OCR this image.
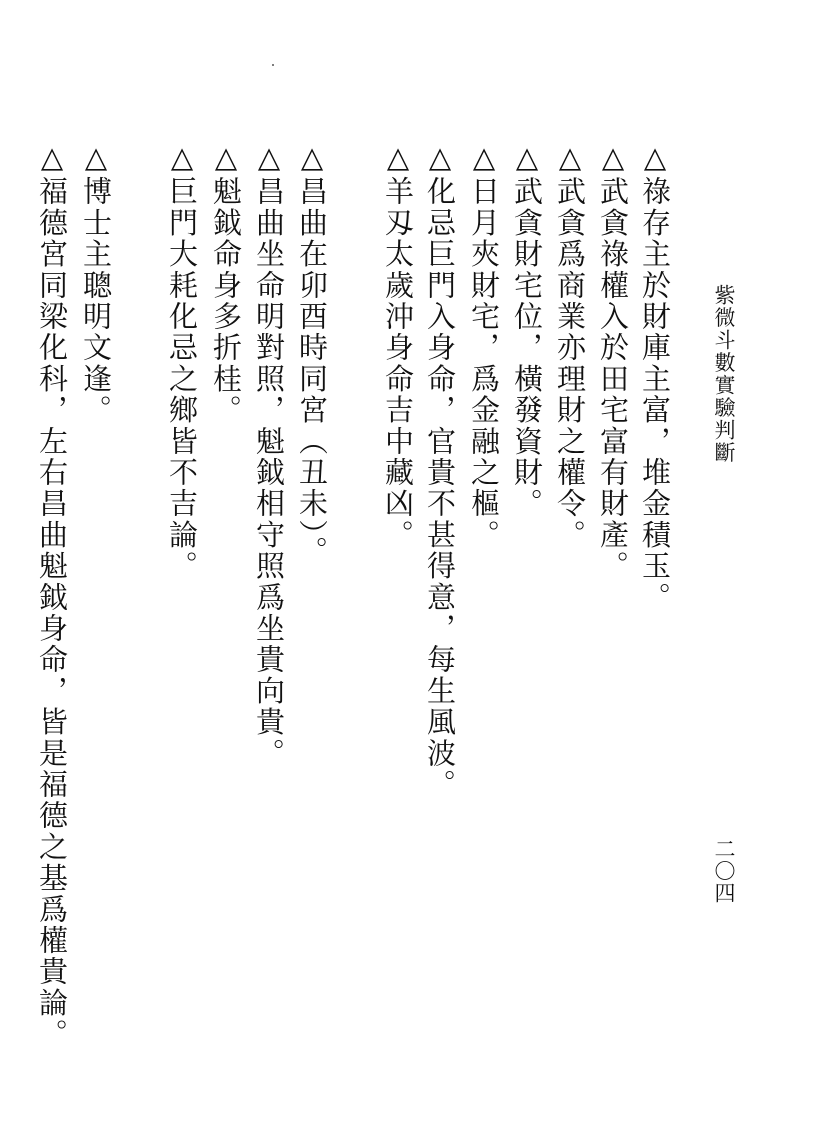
紫微斗數實驗判斷
二〇四

△祿存主於財庫主富，堆金積玉。

△武貪祿權入於田宅富有財產。

△武貪爲商業亦理財之權令。

△武貪財宅位，橫發資財。

△日月夾財宅，爲金融之樞。

△化忌巨門入身命，官貴不甚得意，每生風波。

△羊刄太歲沖身命吉中藏凶。

△昌曲在卯酉時同宮（丑未）。

△昌曲坐命明對照，魁鉞相守照爲坐貴向貴。

△魁鉞命身多折桂。

△巨門大耗化忌之鄉皆不吉論。

△博士主聰明文逢。

△福德宮同梁化科，左右昌曲魁鉞身命，皆是福德之基爲權貴論。
